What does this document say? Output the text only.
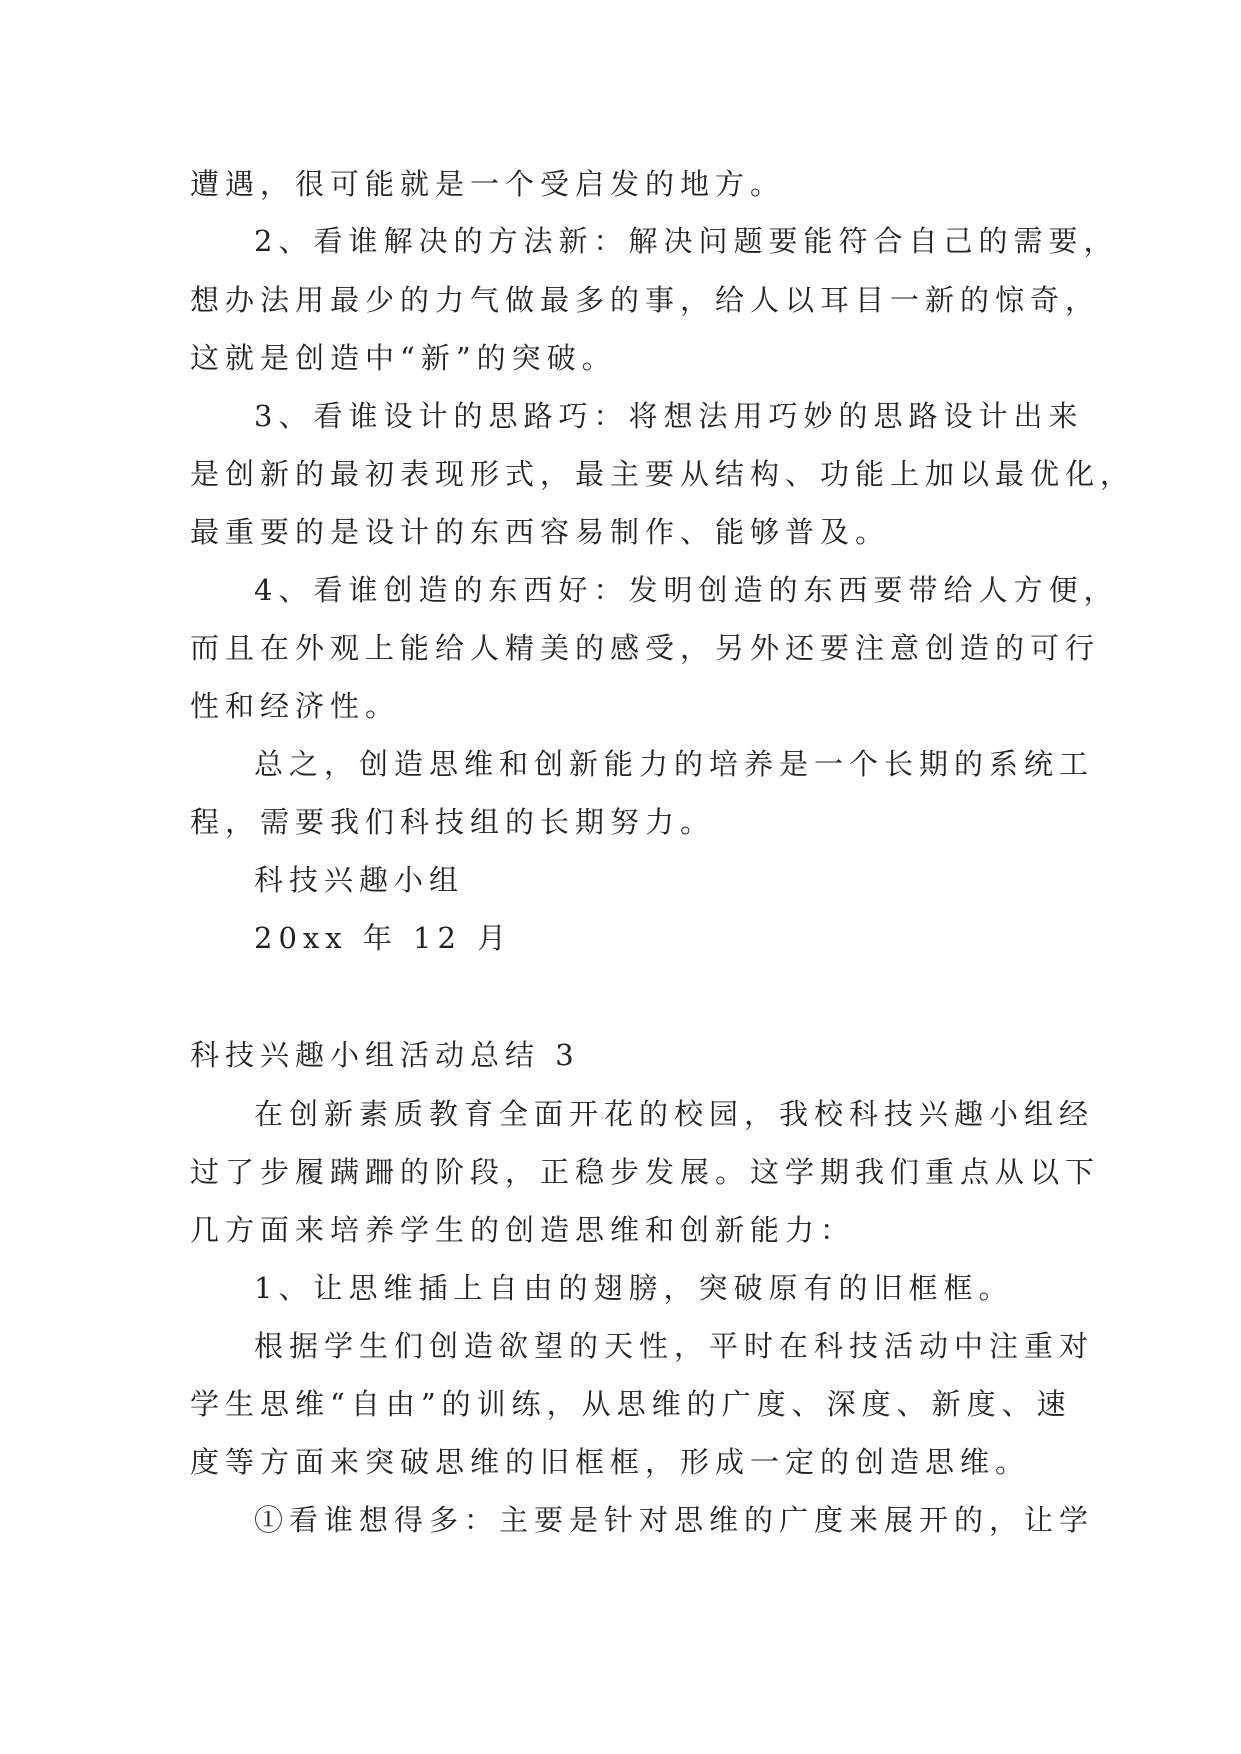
遭遇，很可能就是一个受启发的地方。
2、看谁解决的方法新：解决问题要能符合自己的需要，
想办法用最少的力气做最多的事，给人以耳目一新的惊奇，
这就是创造中“新”的突破。
3、看谁设计的思路巧：将想法用巧妙的思路设计出来
是创新的最初表现形式，最主要从结构、功能上加以最优化，
最重要的是设计的东西容易制作、能够普及。
4、看谁创造的东西好：发明创造的东西要带给人方便，
而且在外观上能给人精美的感受，另外还要注意创造的可行
性和经济性。
总之，创造思维和创新能力的培养是一个长期的系统工
程，需要我们科技组的长期努力。
科技兴趣小组
20xx 年 12 月
科技兴趣小组活动总结 3
在创新素质教育全面开花的校园，我校科技兴趣小组经
过了步履蹒跚的阶段，正稳步发展。这学期我们重点从以下
几方面来培养学生的创造思维和创新能力：
1、让思维插上自由的翅膀，突破原有的旧框框。
根据学生们创造欲望的天性，平时在科技活动中注重对
学生思维“自由”的训练，从思维的广度、深度、新度、速
度等方面来突破思维的旧框框，形成一定的创造思维。
①看谁想得多：主要是针对思维的广度来展开的，让学
